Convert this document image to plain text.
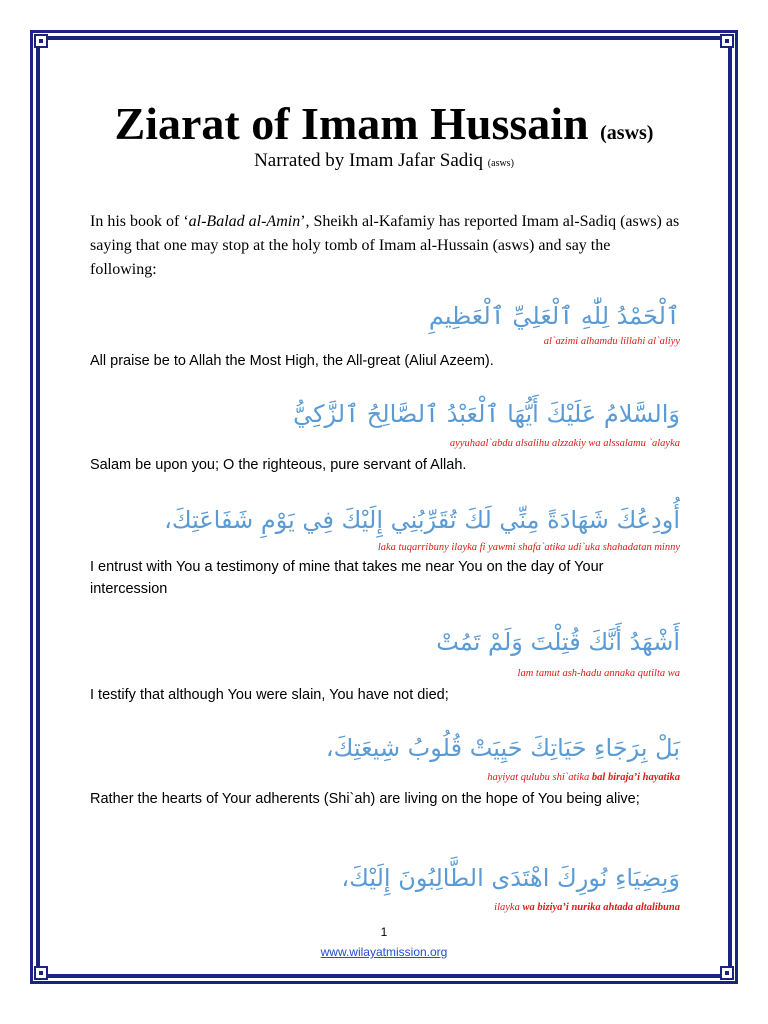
Ziarat of Imam Hussain (asws)
Narrated by Imam Jafar Sadiq (asws)
In his book of ‘al-Balad al-Amin’, Sheikh al-Kafamiy has reported Imam al-Sadiq (asws) as saying that one may stop at the holy tomb of Imam al-Hussain (asws) and say the following:
ٱلْحَمْدُ لِلّٰهِ ٱلْعَلِيِّ ٱلْعَظِيمِ
al`azimi alhamdu lillahi al`aliyy
All praise be to Allah the Most High, the All-great (Aliul Azeem).
وَالسَّلامُ عَلَيْكَ أَيُّهَا ٱلْعَبْدُ ٱلصَّالِحُ ٱلزَّكِيُّ
ayyuhaal`abdu alsalihu alzzakiy wa alssalamu `alayka
Salam be upon you; O the righteous, pure servant of Allah.
أُودِعُكَ شَهَادَةً مِنِّي لَكَ تُقَرِّبُنِي إِلَيْكَ فِي يَوْمِ شَفَاعَتِكَ،
laka tuqarribuny ilayka fi yawmi shafa`atika udi`uka shahadatan minny
I entrust with You a testimony of mine that takes me near You on the day of Your intercession
أَشْهَدُ أَنَّكَ قُتِلْتَ وَلَمْ تَمُتْ
lam tamut ash-hadu annaka qutilta wa
I testify that although You were slain, You have not died;
بَلْ بِرَجَاءِ حَيَاتِكَ حَيِيَتْ قُلُوبُ شِيعَتِكَ،
hayiyat qulubu shi`atika bal biraja’i hayatika
Rather the hearts of Your adherents (Shi`ah) are living on the hope of You being alive;
وَبِضِيَاءِ نُورِكَ اهْتَدَى الطَّالِبُونَ إِلَيْكَ،
ilayka wa biziya’i nurika ahtada altalibuna
1
www.wilayatmission.org
